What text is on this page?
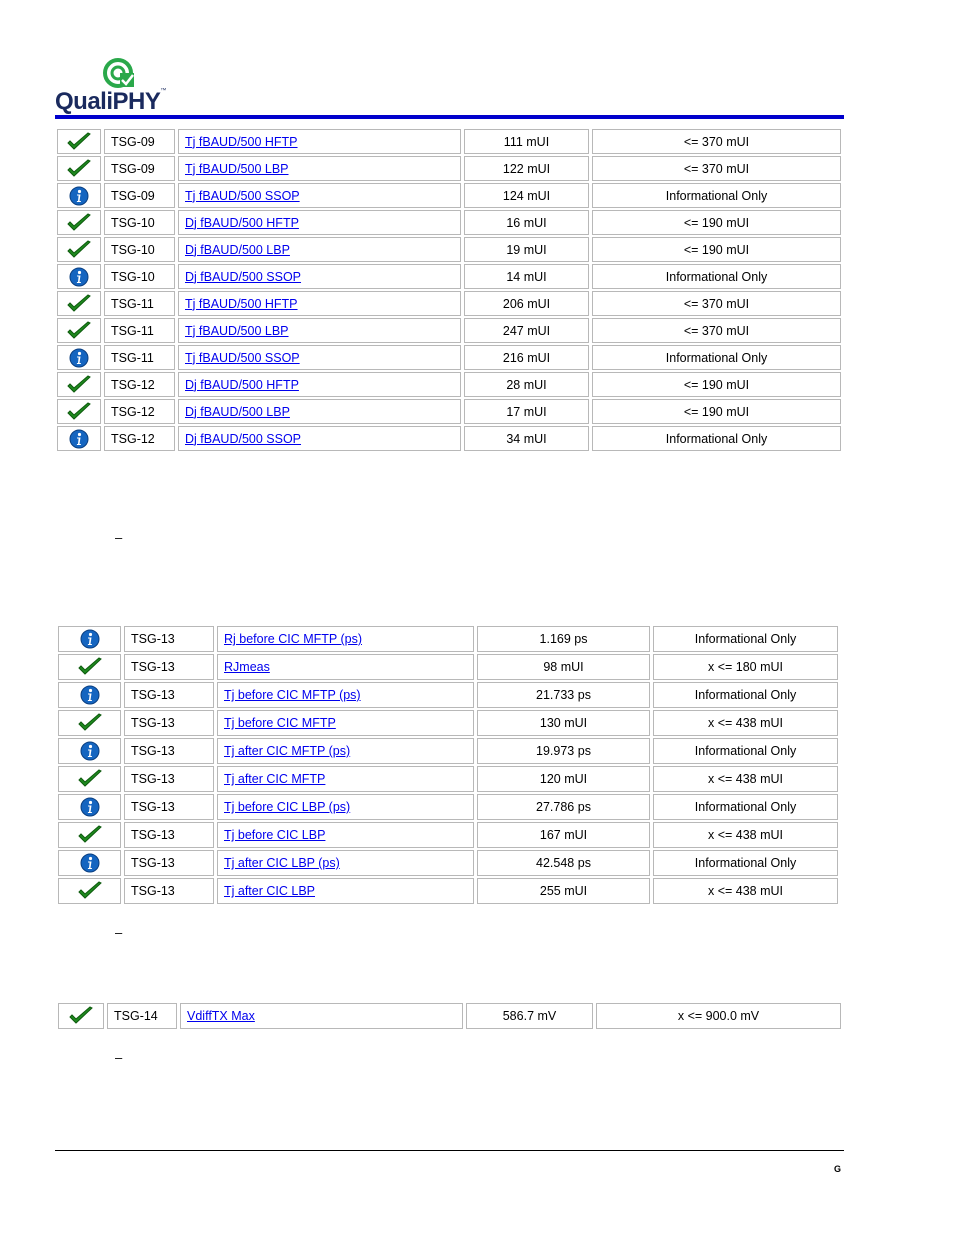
QualiPHY™
	TSG-09	Tj fBAUD/500 HFTP	111 mUI	<= 370 mUI

	TSG-09	Tj fBAUD/500 LBP	122 mUI	<= 370 mUI

	TSG-09	Tj fBAUD/500 SSOP	124 mUI	Informational Only

	TSG-10	Dj fBAUD/500 HFTP	16 mUI	<= 190 mUI

	TSG-10	Dj fBAUD/500 LBP	19 mUI	<= 190 mUI

	TSG-10	Dj fBAUD/500 SSOP	14 mUI	Informational Only

	TSG-11	Tj fBAUD/500 HFTP	206 mUI	<= 370 mUI

	TSG-11	Tj fBAUD/500 LBP	247 mUI	<= 370 mUI

	TSG-11	Tj fBAUD/500 SSOP	216 mUI	Informational Only

	TSG-12	Dj fBAUD/500 HFTP	28 mUI	<= 190 mUI

	TSG-12	Dj fBAUD/500 LBP	17 mUI	<= 190 mUI

	TSG-12	Dj fBAUD/500 SSOP	34 mUI	Informational Only
–
	TSG-13	Rj before CIC MFTP (ps)	1.169 ps	Informational Only

	TSG-13	RJmeas	98 mUI	x <= 180 mUI

	TSG-13	Tj before CIC MFTP (ps)	21.733 ps	Informational Only

	TSG-13	Tj before CIC MFTP	130 mUI	x <= 438 mUI

	TSG-13	Tj after CIC MFTP (ps)	19.973 ps	Informational Only

	TSG-13	Tj after CIC MFTP	120 mUI	x <= 438 mUI

	TSG-13	Tj before CIC LBP (ps)	27.786 ps	Informational Only

	TSG-13	Tj before CIC LBP	167 mUI	x <= 438 mUI

	TSG-13	Tj after CIC LBP (ps)	42.548 ps	Informational Only

	TSG-13	Tj after CIC LBP	255 mUI	x <= 438 mUI
–
	TSG-14	VdiffTX Max	586.7 mV	x <= 900.0 mV
–
G
